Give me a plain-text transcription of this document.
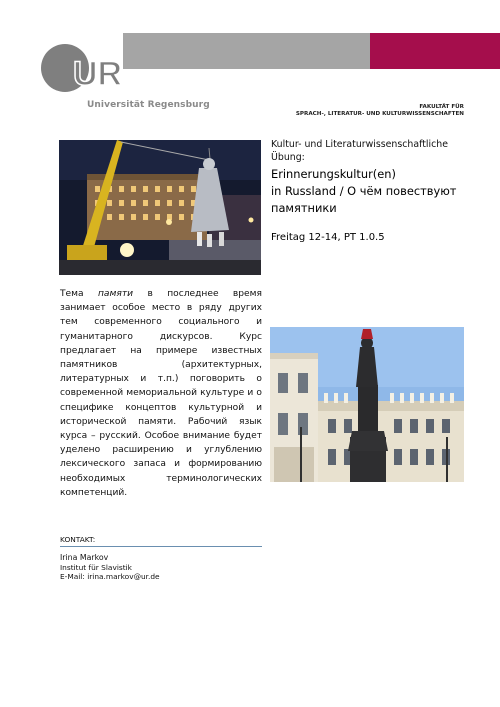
UR
Universität Regensburg	FAKULTÄT FÜR
SPRACH-, LITERATUR- UND KULTURWISSENSCHAFTEN
Kultur- und Literaturwissenschaftliche Übung:
Erinnerungskultur(en)
in Russland / О чём повествуют
памятники
Freitag 12-14, PT 1.0.5
Тема памяти в последнее время занимает особое место в ряду других тем современного социального и гуманитарного дискурсов. Курс предлагает на примере известных памятников (архитектурных, литературных и т.п.) поговорить о современной мемориальной культуре и о специфике концептов культурной и исторической памяти. Рабочий язык курса – русский. Особое внимание будет уделено расширению и углублению лексического запаса и формированию необходимых терминологических компетенций.
KONTAKT:
Irina Markov
Institut für Slavistik
E-Mail: irina.markov@ur.de
